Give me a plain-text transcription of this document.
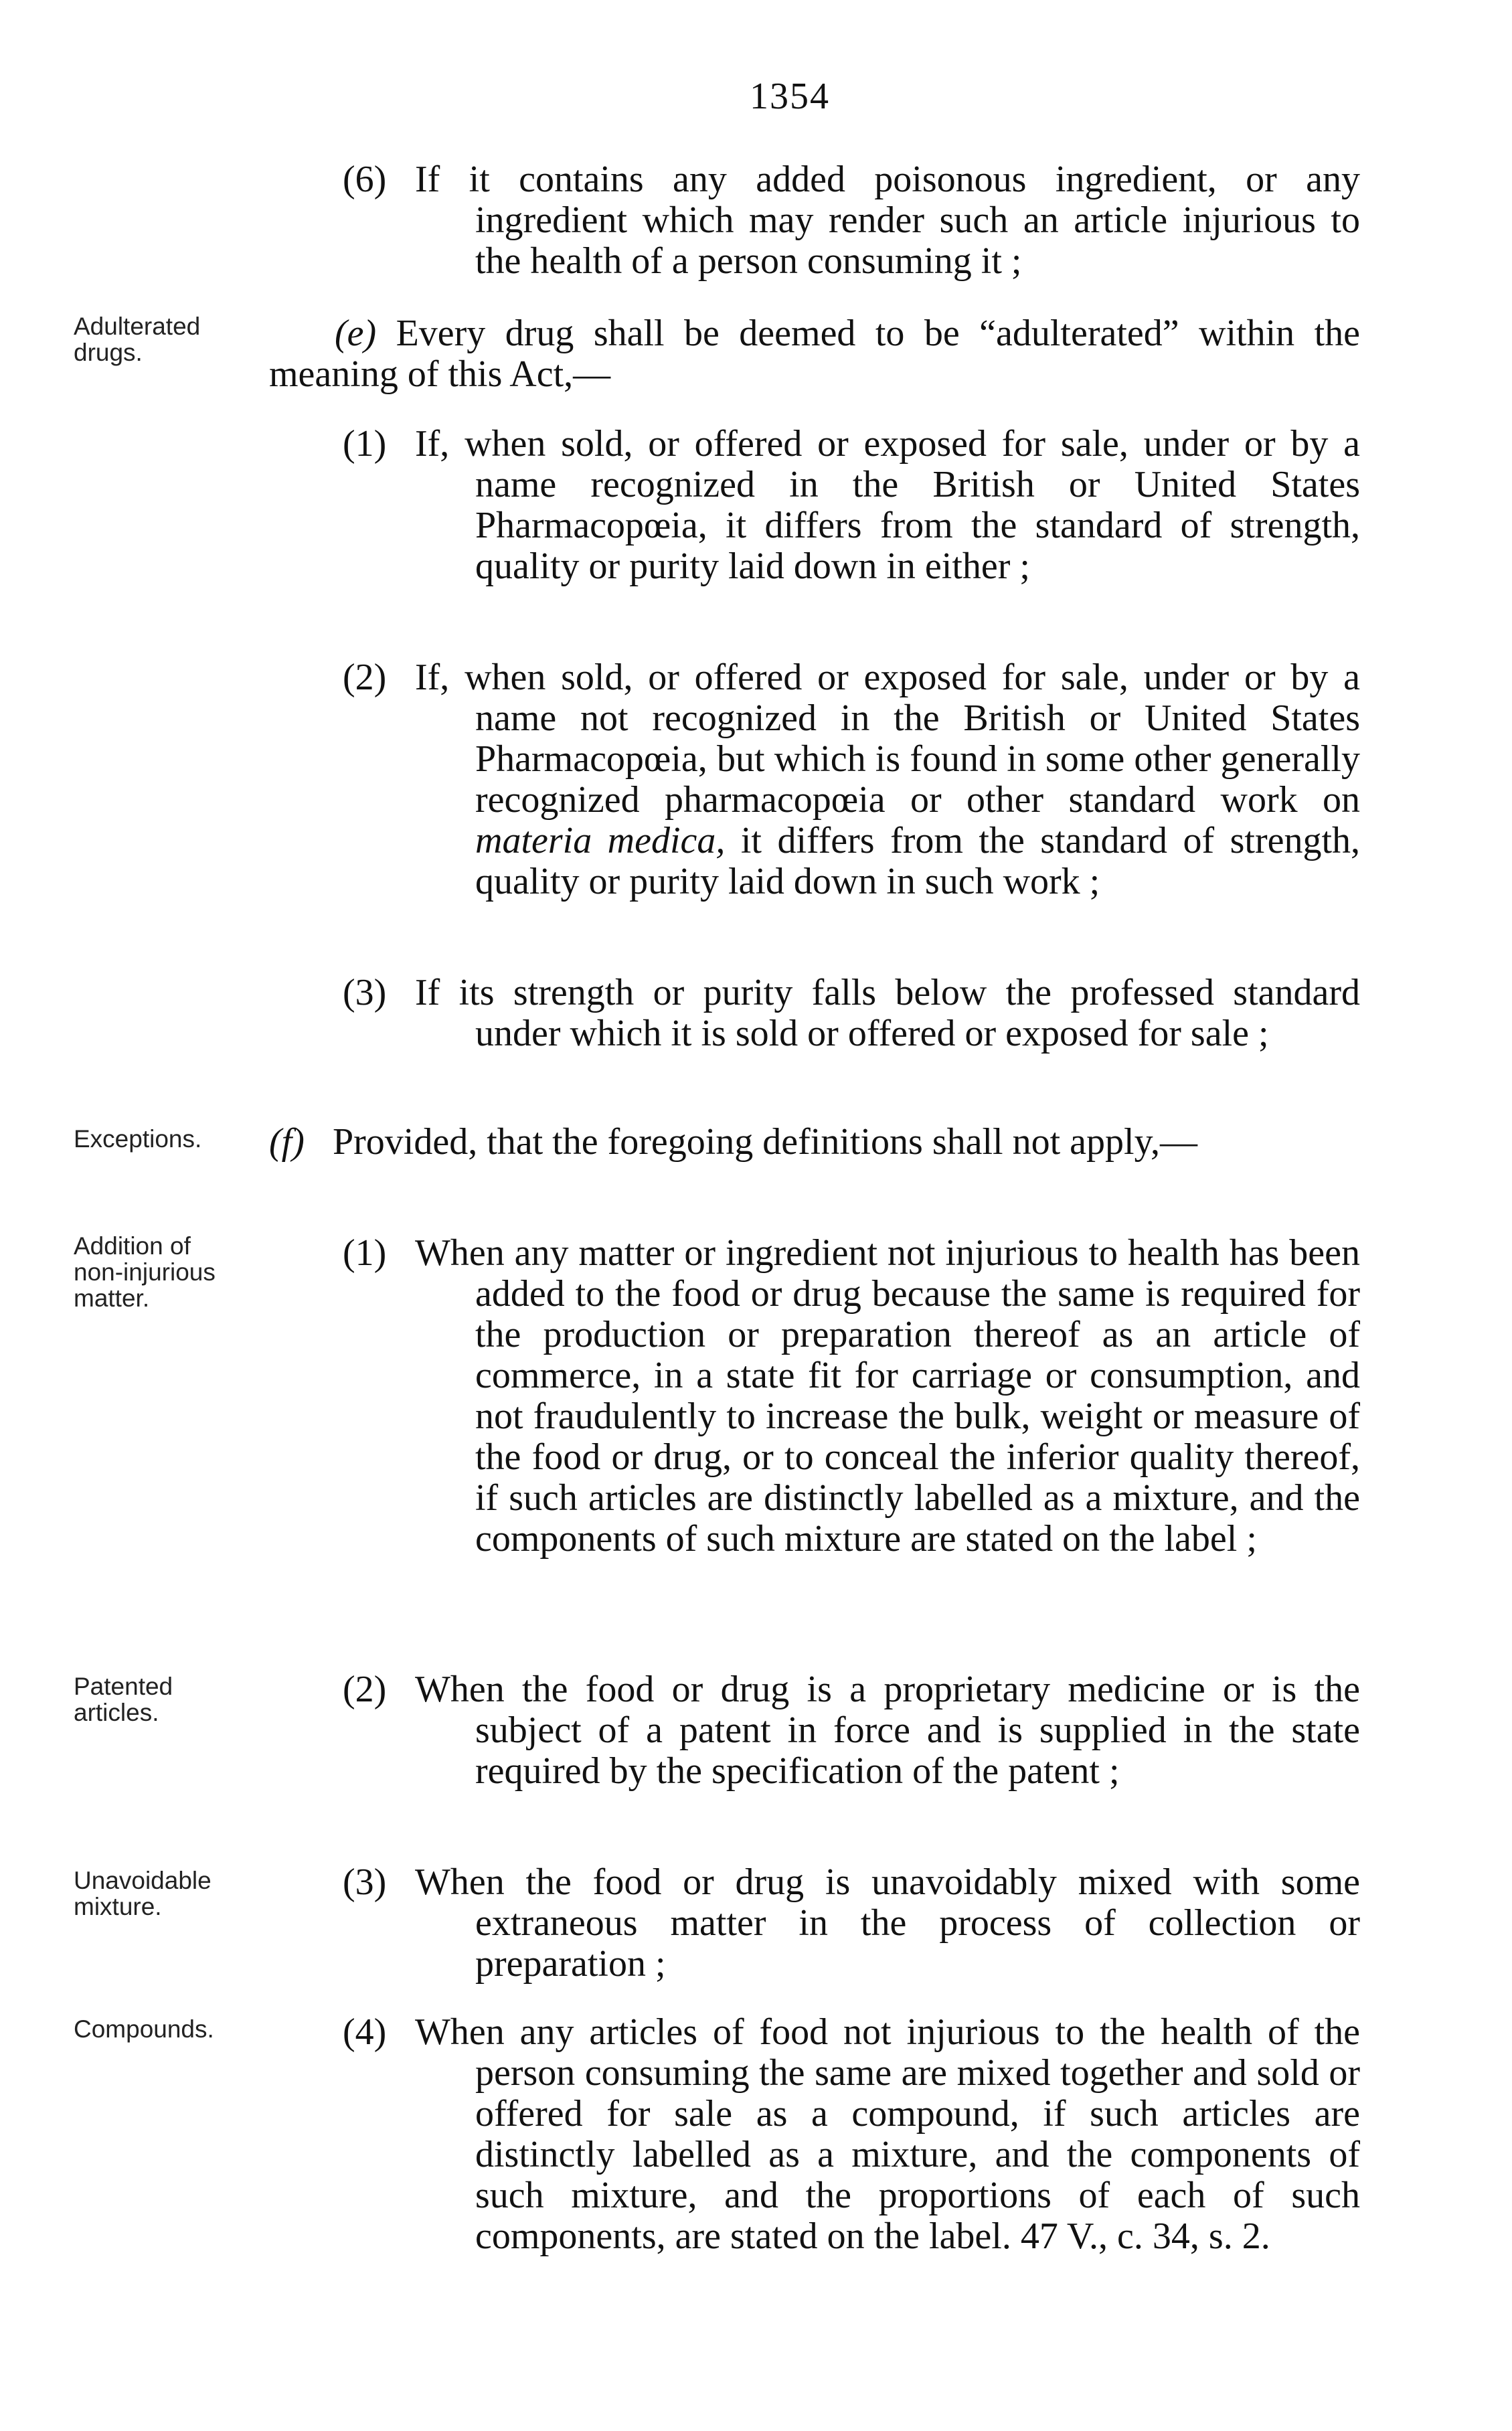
1354

(6) If it contains any added poisonous ingredient, or any ingredient which may render such an article injurious to the health of a person consuming it ;

Adulterated
drugs.	(e) Every drug shall be deemed to be “adulterated” within the meaning of this Act,—

(1) If, when sold, or offered or exposed for sale, under or by a name recognized in the British or United States Pharmacopœia, it differs from the standard of strength, quality or purity laid down in either ;

(2) If, when sold, or offered or exposed for sale, under or by a name not recognized in the British or United States Pharmacopœia, but which is found in some other generally recognized pharmacopœia or other standard work on materia medica, it differs from the standard of strength, quality or purity laid down in such work ;

(3) If its strength or purity falls below the professed standard under which it is sold or offered or exposed for sale ;

Exceptions.	(f) Provided, that the foregoing definitions shall not apply,—

Addition of
non-injurious
matter.

(1) When any matter or ingredient not injurious to health has been added to the food or drug because the same is required for the production or preparation thereof as an article of commerce, in a state fit for carriage or consumption, and not fraudulently to increase the bulk, weight or measure of the food or drug, or to conceal the inferior quality thereof, if such articles are distinctly labelled as a mixture, and the components of such mixture are stated on the label ;

Patented
articles.

(2) When the food or drug is a proprietary medicine or is the subject of a patent in force and is supplied in the state required by the specification of the patent ;

Unavoidable
mixture.

(3) When the food or drug is unavoidably mixed with some extraneous matter in the process of collection or preparation ;

Compounds.	(4) When any articles of food not injurious to the health of the person consuming the same are mixed together and sold or offered for sale as a compound, if such articles are distinctly labelled as a mixture, and the components of such mixture, and the proportions of each of such components, are stated on the label. 47 V., c. 34, s. 2.
